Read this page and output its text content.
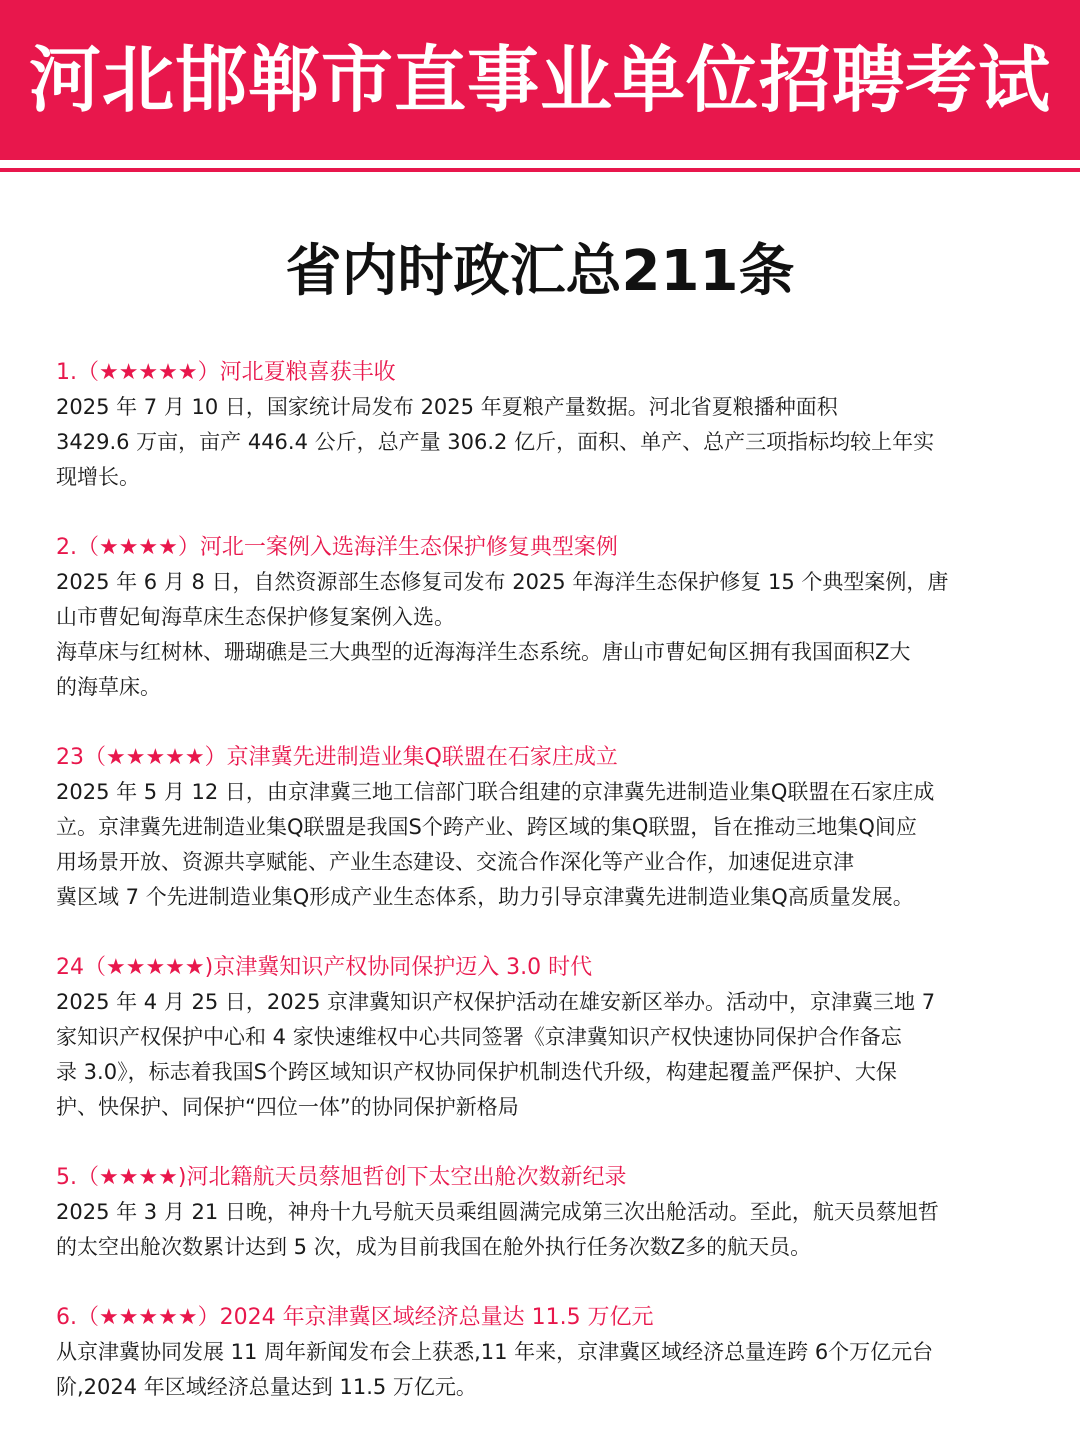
河北邯郸市直事业单位招聘考试
省内时政汇总211条
1.（★★★★★）河北夏粮喜获丰收
2025 年 7 月 10 日，国家统计局发布 2025 年夏粮产量数据。河北省夏粮播种面积
3429.6 万亩，亩产 446.4 公斤，总产量 306.2 亿斤，面积、单产、总产三项指标均较上年实
现增长。
2.（★★★★）河北一案例入选海洋生态保护修复典型案例
2025 年 6 月 8 日，自然资源部生态修复司发布 2025 年海洋生态保护修复 15 个典型案例，唐
山市曹妃甸海草床生态保护修复案例入选。
海草床与红树林、珊瑚礁是三大典型的近海海洋生态系统。唐山市曹妃甸区拥有我国面积Z大
的海草床。
23（★★★★★）京津冀先进制造业集Q联盟在石家庄成立
2025 年 5 月 12 日，由京津冀三地工信部门联合组建的京津冀先进制造业集Q联盟在石家庄成
立。京津冀先进制造业集Q联盟是我国S个跨产业、跨区域的集Q联盟，旨在推动三地集Q间应
用场景开放、资源共享赋能、产业生态建设、交流合作深化等产业合作，加速促进京津
冀区域 7 个先进制造业集Q形成产业生态体系，助力引导京津冀先进制造业集Q高质量发展。
24（★★★★★)京津冀知识产权协同保护迈入 3.0 时代
2025 年 4 月 25 日，2025 京津冀知识产权保护活动在雄安新区举办。活动中，京津冀三地 7
家知识产权保护中心和 4 家快速维权中心共同签署《京津冀知识产权快速协同保护合作备忘
录 3.0》，标志着我国S个跨区域知识产权协同保护机制迭代升级，构建起覆盖严保护、大保
护、快保护、同保护“四位一体”的协同保护新格局
5.（★★★★)河北籍航天员蔡旭哲创下太空出舱次数新纪录
2025 年 3 月 21 日晚，神舟十九号航天员乘组圆满完成第三次出舱活动。至此，航天员蔡旭哲
的太空出舱次数累计达到 5 次，成为目前我国在舱外执行任务次数Z多的航天员。
6.（★★★★★）2024 年京津冀区域经济总量达 11.5 万亿元
从京津冀协同发展 11 周年新闻发布会上获悉,11 年来，京津冀区域经济总量连跨 6个万亿元台
阶,2024 年区域经济总量达到 11.5 万亿元。
